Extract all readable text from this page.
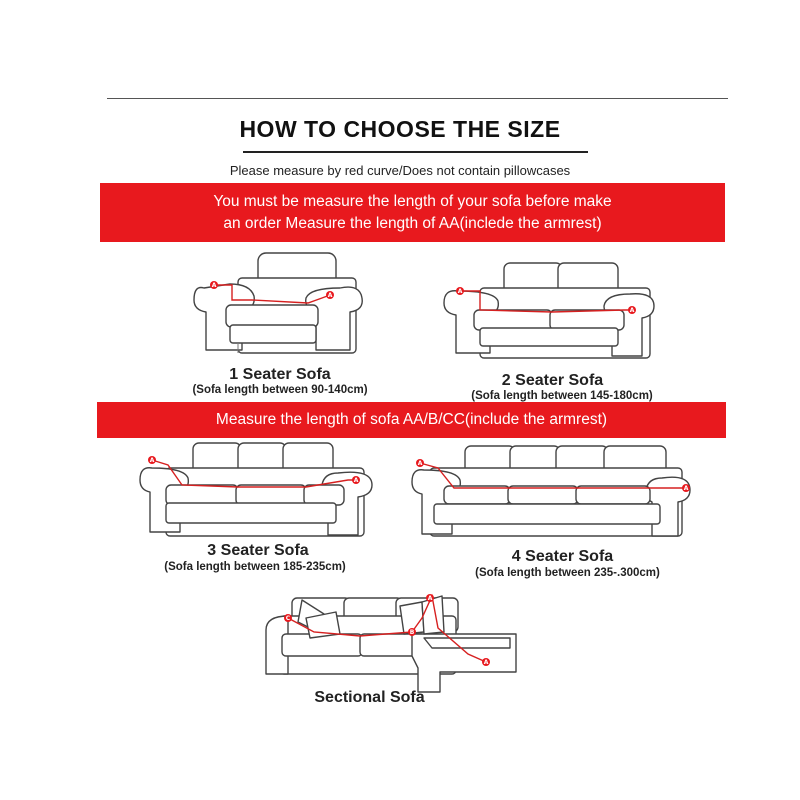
HOW TO CHOOSE THE SIZE
Please measure by red curve/Does not contain pillowcases
You must be measure the length of your sofa before make
an order Measure the length of AA(inclede the armrest)
A
A
A
A
1 Seater Sofa
(Sofa length between 90-140cm)
2 Seater Sofa
(Sofa length between 145-180cm)
Measure the length of sofa AA/B/CC(include the armrest)
A
A
A
A
3 Seater Sofa
(Sofa length between 185-235cm)
4 Seater Sofa
(Sofa length between 235-.300cm)
C
B
A
A
Sectional Sofa
